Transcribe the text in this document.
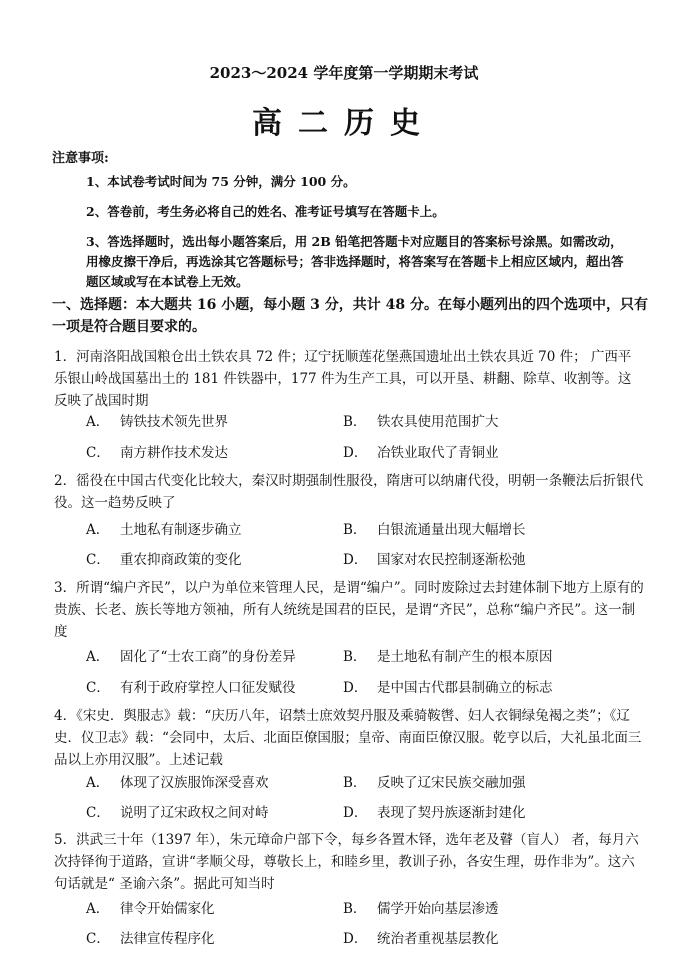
2023～2024 学年度第一学期期末考试
高二历史
注意事项:
1、本试卷考试时间为 75 分钟，满分 100 分。
2、答卷前，考生务必将自己的姓名、准考证号填写在答题卡上。
3、答选择题时，选出每小题答案后，用 2B 铅笔把答题卡对应题目的答案标号涂黑。如需改动，用橡皮擦干净后，再选涂其它答题标号；答非选择题时，将答案写在答题卡上相应区域内，超出答题区域或写在本试卷上无效。
一、选择题：本大题共 16 小题，每小题 3 分，共计 48 分。在每小题列出的四个选项中，只有一项是符合题目要求的。
1．河南洛阳战国粮仓出土铁农具 72 件；辽宁抚顺莲花堡燕国遗址出土铁农具近 70 件； 广西平乐银山岭战国墓出土的 181 件铁器中，177 件为生产工具，可以开垦、耕翻、除草、收割等。这反映了战国时期
A． 铸铁技术领先世界	B． 铁农具使用范围扩大
C． 南方耕作技术发达	D． 冶铁业取代了青铜业
2．徭役在中国古代变化比较大，秦汉时期强制性服役，隋唐可以纳庸代役，明朝一条鞭法后折银代役。这一趋势反映了
A． 土地私有制逐步确立	B． 白银流通量出现大幅增长
C． 重农抑商政策的变化	D． 国家对农民控制逐渐松弛
3．所谓“编户齐民”，以户为单位来管理人民，是谓“编户”。同时废除过去封建体制下地方上原有的贵族、长老、族长等地方领袖，所有人统统是国君的臣民，是谓“齐民”，总称“编户齐民”。这一制度
A． 固化了“士农工商”的身份差异	B． 是土地私有制产生的根本原因
C． 有利于政府掌控人口征发赋役	D． 是中国古代郡县制确立的标志
4．《宋史．舆服志》载：“庆历八年，诏禁士庶效契丹服及乘骑鞍辔、妇人衣铜绿兔褐之类”；《辽史．仪卫志》载：“会同中，太后、北面臣僚国服；皇帝、南面臣僚汉服。乾亨以后，大礼虽北面三品以上亦用汉服”。上述记载
A． 体现了汉族服饰深受喜欢	B． 反映了辽宋民族交融加强
C． 说明了辽宋政权之间对峙	D． 表现了契丹族逐渐封建化
5．洪武三十年（1397 年），朱元璋命户部下令，每乡各置木铎，选年老及瞽（盲人） 者，每月六次持铎徇于道路，宣讲“孝顺父母，尊敬长上，和睦乡里，教训子孙，各安生理，毋作非为”。这六句话就是“ 圣谕六条”。据此可知当时
A． 律令开始儒家化	B． 儒学开始向基层渗透
C． 法律宣传程序化	D． 统治者重视基层教化
